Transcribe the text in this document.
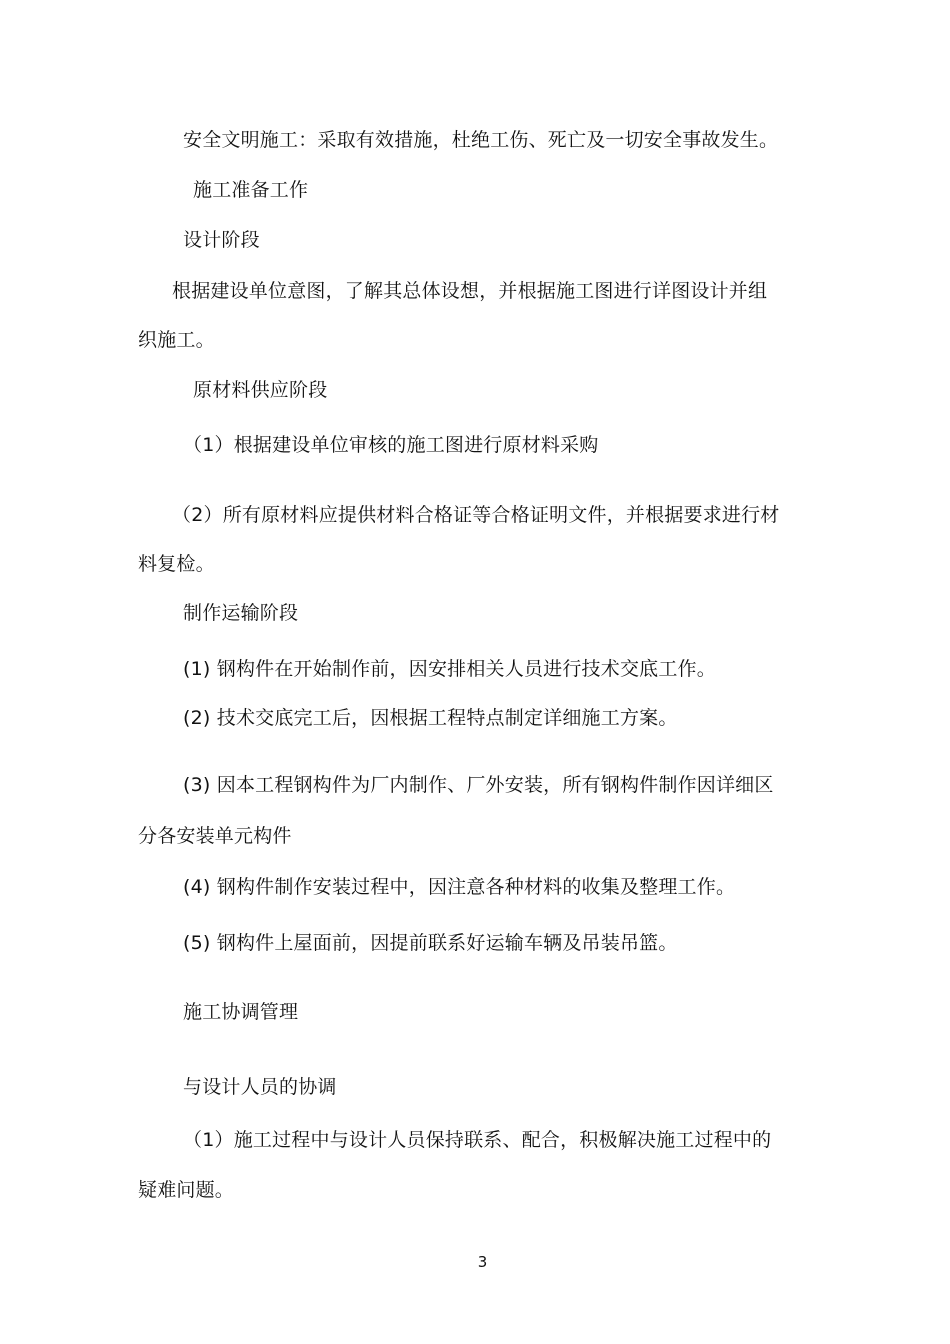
安全文明施工：采取有效措施，杜绝工伤、死亡及一切安全事故发生。
施工准备工作
设计阶段
根据建设单位意图，了解其总体设想，并根据施工图进行详图设计并组
织施工。
原材料供应阶段
（1）根据建设单位审核的施工图进行原材料采购
（2）所有原材料应提供材料合格证等合格证明文件，并根据要求进行材
料复检。
制作运输阶段
(1) 钢构件在开始制作前，因安排相关人员进行技术交底工作。
(2) 技术交底完工后，因根据工程特点制定详细施工方案。
(3) 因本工程钢构件为厂内制作、厂外安装，所有钢构件制作因详细区
分各安装单元构件
(4) 钢构件制作安装过程中，因注意各种材料的收集及整理工作。
(5) 钢构件上屋面前，因提前联系好运输车辆及吊装吊篮。
施工协调管理
与设计人员的协调
（1）施工过程中与设计人员保持联系、配合，积极解决施工过程中的
疑难问题。
3
